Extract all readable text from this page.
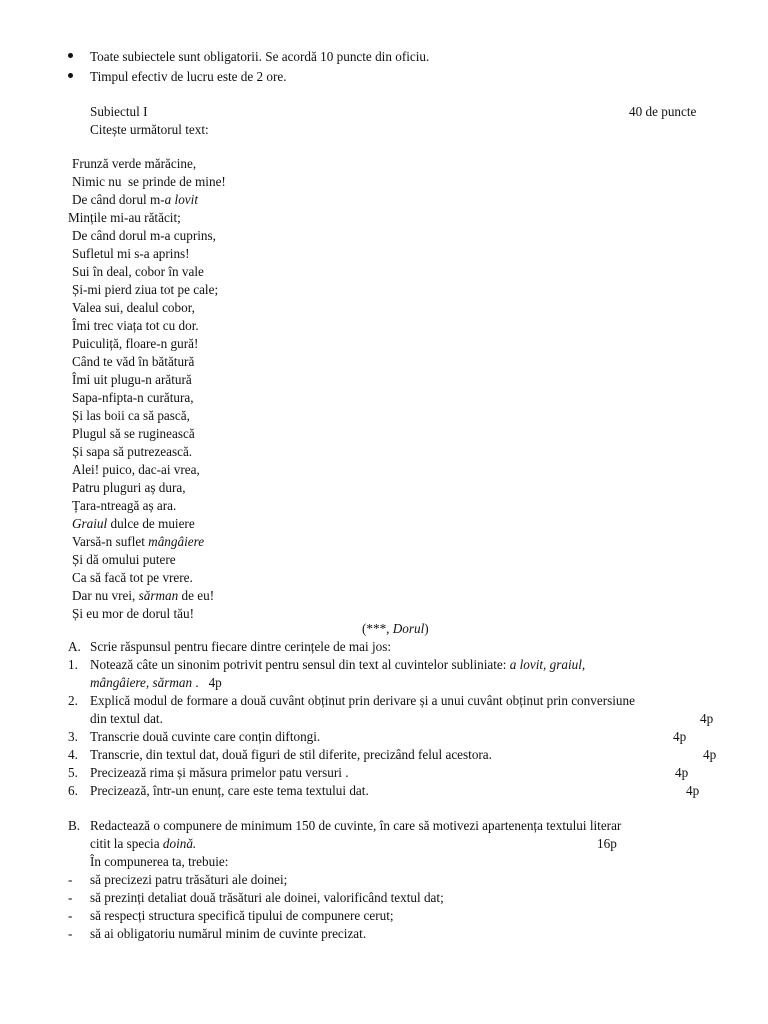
Toate subiectele sunt obligatorii. Se acordă 10 puncte din oficiu.
Timpul efectiv de lucru este de 2 ore.
Subiectul I	40 de puncte
Citește următorul text:
Frunză verde mărăcine,
Nimic nu  se prinde de mine!
De când dorul m-a lovit
Mințile mi-au rătăcit;
De când dorul m-a cuprins,
Sufletul mi s-a aprins!
Sui în deal, cobor în vale
Și-mi pierd ziua tot pe cale;
Valea sui, dealul cobor,
Îmi trec viața tot cu dor.
Puiculiță, floare-n gură!
Când te văd în bătătură
Îmi uit plugu-n arătură
Sapa-nfipta-n curătura,
Și las boii ca să pască,
Plugul să se ruginească
Și sapa să putrezească.
Alei! puico, dac-ai vrea,
Patru pluguri aș dura,
Țara-ntreagă aș ara.
Graiul dulce de muiere
Varsă-n suflet mângâiere
Și dă omului putere
Ca să facă tot pe vrere.
Dar nu vrei, sărman de eu!
Și eu mor de dorul tău!
(***, Dorul)
A. Scrie răspunsul pentru fiecare dintre cerințele de mai jos:
1. Notează câte un sinonim potrivit pentru sensul din text al cuvintelor subliniate: a lovit, graiul,
mângâiere, sărman .   4p
2. Explică modul de formare a două cuvânt obținut prin derivare și a unui cuvânt obținut prin conversiune
din textul dat.	4p
3. Transcrie două cuvinte care conțin diftongi.	4p
4. Transcrie, din textul dat, două figuri de stil diferite, precizând felul acestora.	4p
5. Precizează rima și măsura primelor patu versuri .	4p
6. Precizează, într-un enunț, care este tema textului dat.	4p
B. Redactează o compunere de minimum 150 de cuvinte, în care să motivezi apartenența textului literar
citit la specia doină.	16p
În compunerea ta, trebuie:
- să precizezi patru trăsături ale doinei;
- să prezinți detaliat două trăsături ale doinei, valorificând textul dat;
- să respecți structura specifică tipului de compunere cerut;
- să ai obligatoriu numărul minim de cuvinte precizat.
